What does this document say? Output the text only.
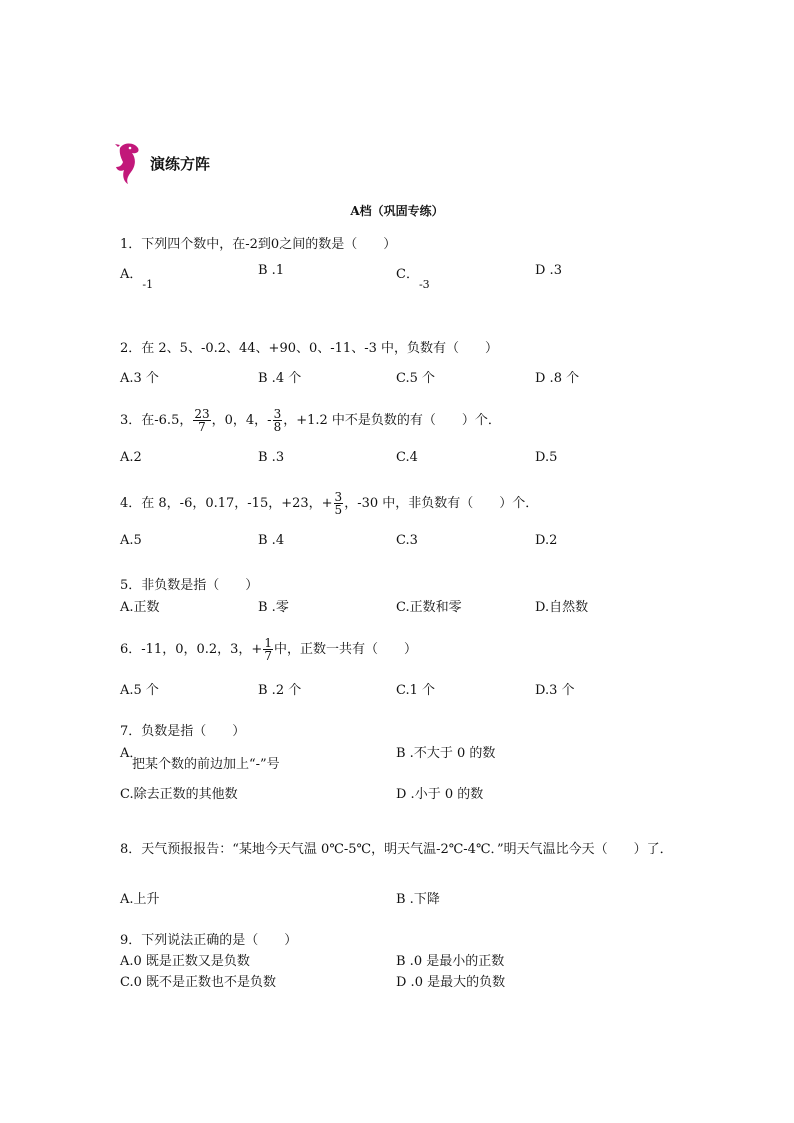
演练方阵
A档（巩固专练）
1．下列四个数中，在-2到0之间的数是（　　）
A．$_{-1}$
B .1	C．$_{-3}$
D .3
2．在 2、5、-0.2、44、+90、0、-11、-3 中，负数有（　　）
A.3 个	B .4 个	C.5 个	D .8 个
3．在-6.5， $\frac{23}{7}$ ，0，4，- $\frac{3}{8}$ ，+1.2 中不是负数的有（　　）个．
A.2	B .3	C.4	D.5
4．在 8，-6，0.17，-15，+23，+ $\frac{3}{5}$ ，-30 中，非负数有（　　）个．
A.5	B .4	C.3	D.2
5．非负数是指（　　）
A.正数	B .零	C.正数和零	D.自然数
6．-11，0，0.2，3，+ $\frac{1}{7}$ 中，正数一共有（　　）
A.5 个	B .2 个	C.1 个	D.3 个
7．负数是指（　　）
A．
把某个数的前边加上“-”号
B .不大于 0 的数
C.除去正数的其他数	D .小于 0 的数
8．天气预报报告：“某地今天气温 0℃-5℃，明天气温-2℃-4℃．”明天气温比今天（　　）了．
A.上升	B .下降
9．下列说法正确的是（　　）
A.0 既是正数又是负数	B .0 是最小的正数
C.0 既不是正数也不是负数	D .0 是最大的负数
